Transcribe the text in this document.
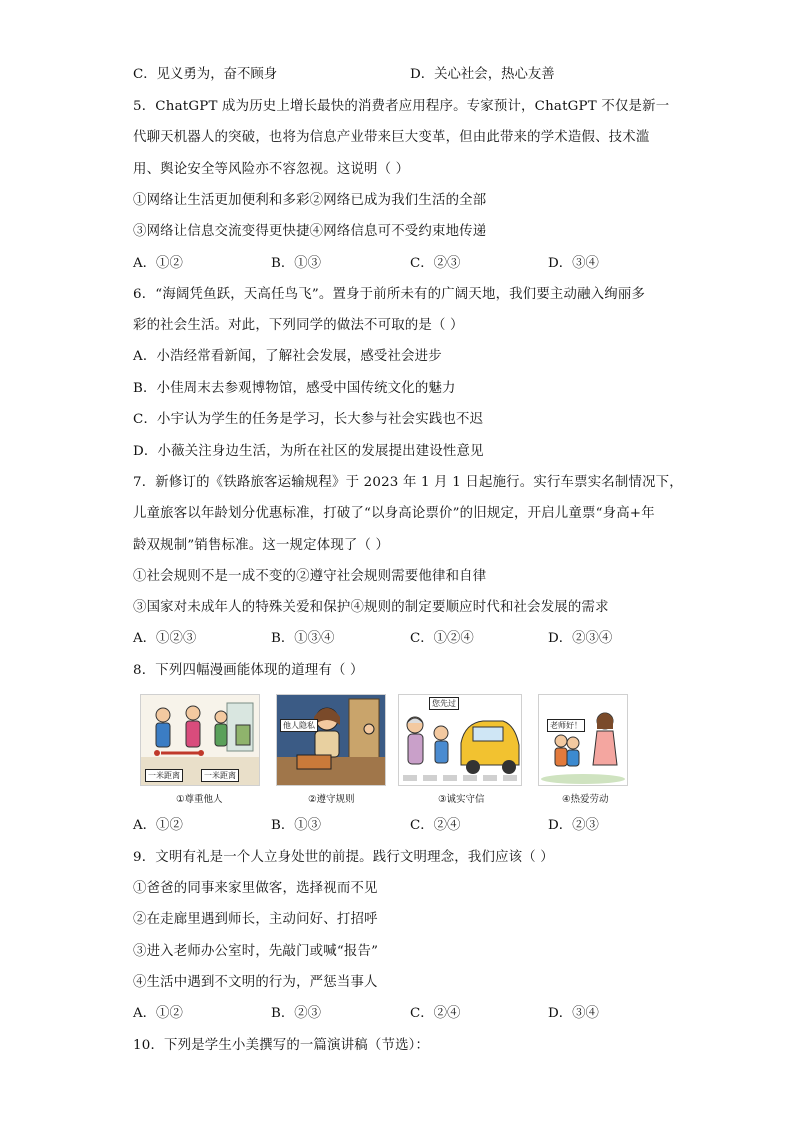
C．见义勇为，奋不顾身	D．关心社会，热心友善
5．ChatGPT 成为历史上增长最快的消费者应用程序。专家预计，ChatGPT 不仅是新一
代聊天机器人的突破，也将为信息产业带来巨大变革，但由此带来的学术造假、技术滥
用、舆论安全等风险亦不容忽视。这说明（ ）
①网络让生活更加便利和多彩②网络已成为我们生活的全部
③网络让信息交流变得更快捷④网络信息可不受约束地传递
A．①②	B．①③	C．②③	D．③④
6．“海阔凭鱼跃，天高任鸟飞”。置身于前所未有的广阔天地，我们要主动融入绚丽多
彩的社会生活。对此，下列同学的做法不可取的是（ ）
A．小浩经常看新闻，了解社会发展，感受社会进步
B．小佳周末去参观博物馆，感受中国传统文化的魅力
C．小宇认为学生的任务是学习，长大参与社会实践也不迟
D．小薇关注身边生活，为所在社区的发展提出建设性意见
7．新修订的《铁路旅客运输规程》于 2023 年 1 月 1 日起施行。实行车票实名制情况下，
儿童旅客以年龄划分优惠标准，打破了“以身高论票价”的旧规定，开启儿童票“身高+年
龄双规制”销售标准。这一规定体现了（ ）
①社会规则不是一成不变的②遵守社会规则需要他律和自律
③国家对未成年人的特殊关爱和保护④规则的制定要顺应时代和社会发展的需求
A．①②③	B．①③④	C．①②④	D．②③④
8．下列四幅漫画能体现的道理有（ ）
一米距离	一米距离
①尊重他人
他人隐私
②遵守规则
您先过
③诚实守信
老师好！
④热爱劳动
A．①②	B．①③	C．②④	D．②③
9．文明有礼是一个人立身处世的前提。践行文明理念，我们应该（ ）
①爸爸的同事来家里做客，选择视而不见
②在走廊里遇到师长，主动问好、打招呼
③进入老师办公室时，先敲门或喊“报告”
④生活中遇到不文明的行为，严惩当事人
A．①②	B．②③	C．②④	D．③④
10．下列是学生小美撰写的一篇演讲稿（节选）：
